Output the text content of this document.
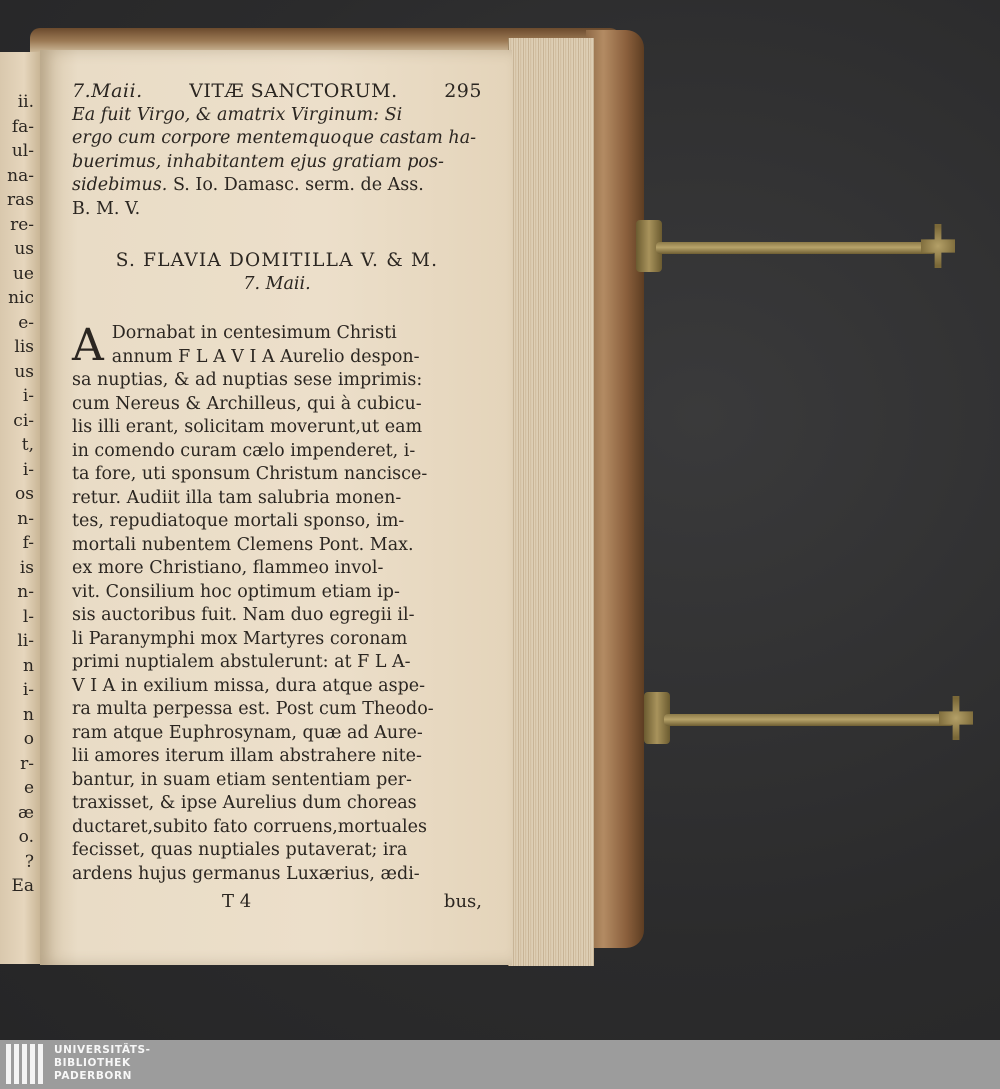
ii.
fa-
ul-
na-
ras
re-
us
ue
nic
e-
lis
us
i-
ci-
t,
i-
os
n-
f-
is
n-
l-
li-
n
i-
n
o
r-
e
æ
o.
?
Ea
7.Maii. VITÆ SANCTORUM. 295
Ea fuit Virgo, & amatrix Virginum: Si
ergo cum corpore mentemquoque castam ha-
buerimus, inhabitantem ejus gratiam pos-
sidebimus. S. Io. Damasc. serm. de Ass.
B. M. V.
S. FLAVIA DOMITILLA V. & M.
7. Maii.
A Dornabat in centesimum Christi
annum F L A V I A Aurelio despon-
sa nuptias, & ad nuptias sese imprimis:
cum Nereus & Archilleus, qui à cubicu-
lis illi erant, solicitam moverunt,ut eam
in comendo curam cælo impenderet, i-
ta fore, uti sponsum Christum nancisce-
retur. Audiit illa tam salubria monen-
tes, repudiatoque mortali sponso, im-
mortali nubentem Clemens Pont. Max.
ex more Christiano, flammeo invol-
vit. Consilium hoc optimum etiam ip-
sis auctoribus fuit. Nam duo egregii il-
li Paranymphi mox Martyres coronam
primi nuptialem abstulerunt: at F L A-
V I A in exilium missa, dura atque aspe-
ra multa perpessa est. Post cum Theodo-
ram atque Euphrosynam, quæ ad Aure-
lii amores iterum illam abstrahere nite-
bantur, in suam etiam sententiam per-
traxisset, & ipse Aurelius dum choreas
ductaret,subito fato corruens,mortuales
fecisset, quas nuptiales putaverat; ira
ardens hujus germanus Luxærius, ædi-
T 4	bus,
UNIVERSITÄTS-
BIBLIOTHEK
PADERBORN
